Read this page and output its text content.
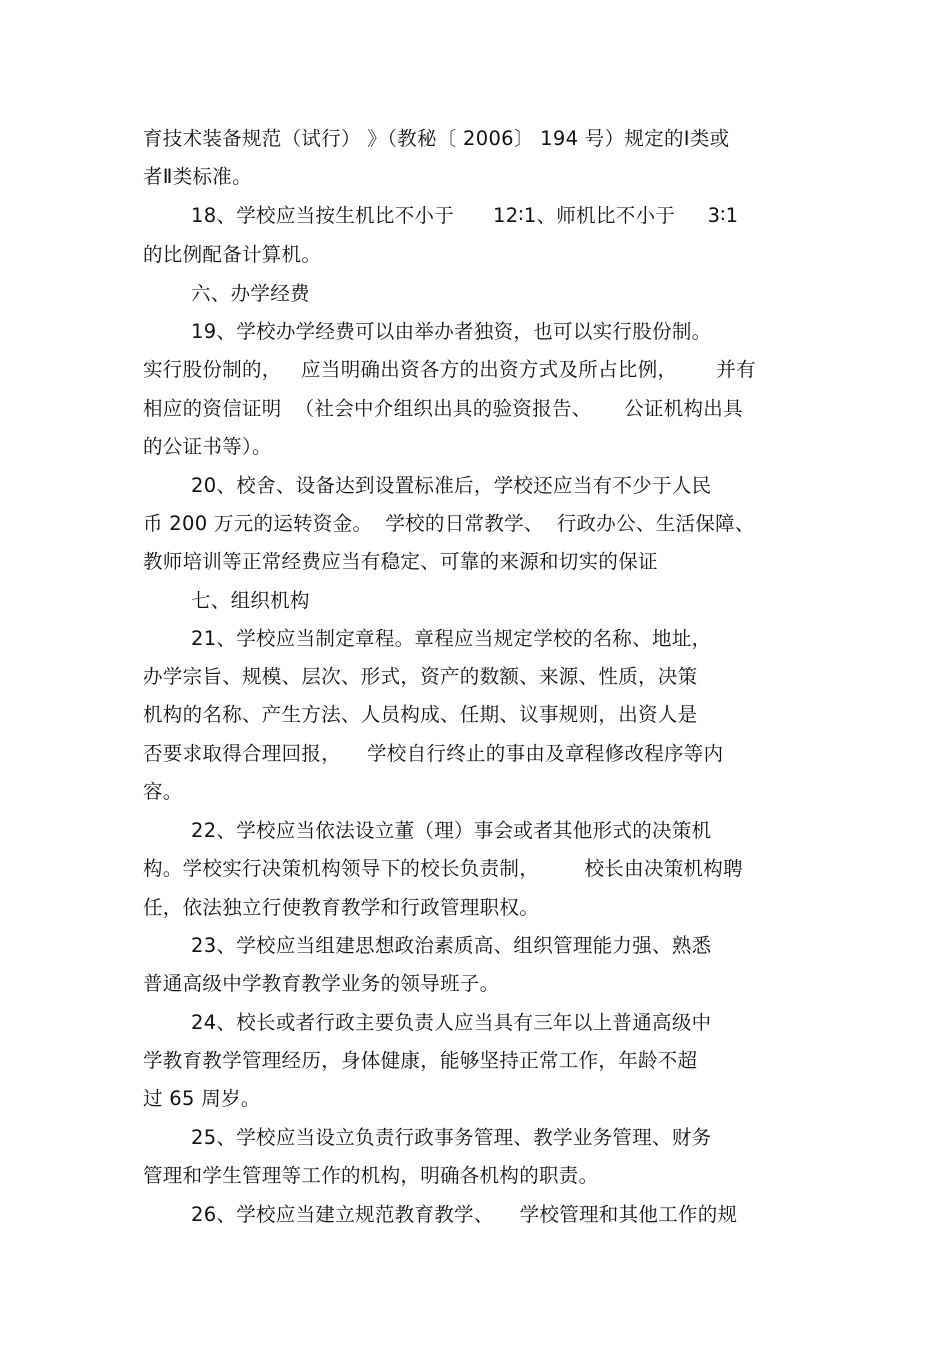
育技术装备规范（试行） 》（教秘〔 2006〕 194 号）规定的Ⅰ类或
者Ⅱ类标准。
18、学校应当按生机比不小于      12∶1、师机比不小于     3∶1
的比例配备计算机。
六、办学经费
19、学校办学经费可以由举办者独资，也可以实行股份制。
实行股份制的，   应当明确出资各方的出资方式及所占比例，      并有
相应的资信证明  （社会中介组织出具的验资报告、     公证机构出具
的公证书等）。
20、校舍、设备达到设置标准后，学校还应当有不少于人民
币 200 万元的运转资金。  学校的日常教学、  行政办公、生活保障、
教师培训等正常经费应当有稳定、可靠的来源和切实的保证
七、组织机构
21、学校应当制定章程。章程应当规定学校的名称、地址，
办学宗旨、规模、层次、形式，资产的数额、来源、性质，决策
机构的名称、产生方法、人员构成、任期、议事规则，出资人是
否要求取得合理回报，    学校自行终止的事由及章程修改程序等内
容。
22、学校应当依法设立董（理）事会或者其他形式的决策机
构。学校实行决策机构领导下的校长负责制，       校长由决策机构聘
任，依法独立行使教育教学和行政管理职权。
23、学校应当组建思想政治素质高、组织管理能力强、熟悉
普通高级中学教育教学业务的领导班子。
24、校长或者行政主要负责人应当具有三年以上普通高级中
学教育教学管理经历，身体健康，能够坚持正常工作，年龄不超
过 65 周岁。
25、学校应当设立负责行政事务管理、教学业务管理、财务
管理和学生管理等工作的机构，明确各机构的职责。
26、学校应当建立规范教育教学、    学校管理和其他工作的规
